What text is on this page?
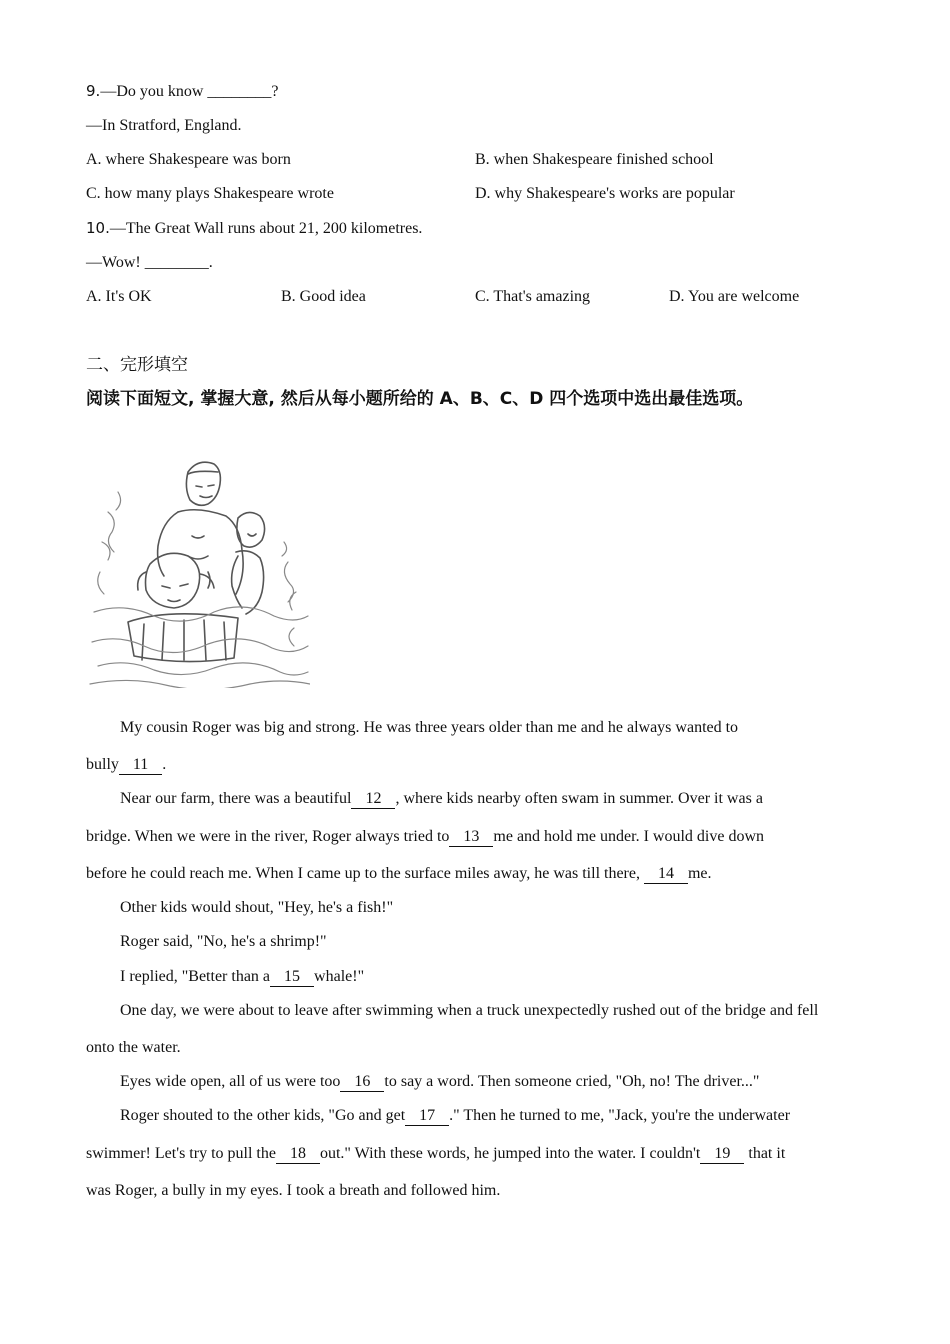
9.—Do you know ________?
—In Stratford, England.
A. where Shakespeare was born	B. when Shakespeare finished school
C. how many plays Shakespeare wrote	D. why Shakespeare's works are popular
10.—The Great Wall runs about 21, 200 kilometres.
—Wow! ________.
A. It's OK	B. Good idea	C. That's amazing	D. You are welcome
二、完形填空
阅读下面短文, 掌握大意, 然后从每小题所给的 A、B、C、D 四个选项中选出最佳选项。
My cousin Roger was big and strong. He was three years older than me and he always wanted to
bully 11 .
Near our farm, there was a beautiful 12 , where kids nearby often swam in summer. Over it was a
bridge. When we were in the river, Roger always tried to 13 me and hold me under. I would dive down
before he could reach me. When I came up to the surface miles away, he was till there, 14 me.
Other kids would shout, "Hey, he's a fish!"
Roger said, "No, he's a shrimp!"
I replied, "Better than a 15 whale!"
One day, we were about to leave after swimming when a truck unexpectedly rushed out of the bridge and fell
onto the water.
Eyes wide open, all of us were too 16 to say a word. Then someone cried, "Oh, no! The driver..."
Roger shouted to the other kids, "Go and get 17 ." Then he turned to me, "Jack, you're the underwater
swimmer! Let's try to pull the 18 out." With these words, he jumped into the water. I couldn't 19 that it
was Roger, a bully in my eyes. I took a breath and followed him.
